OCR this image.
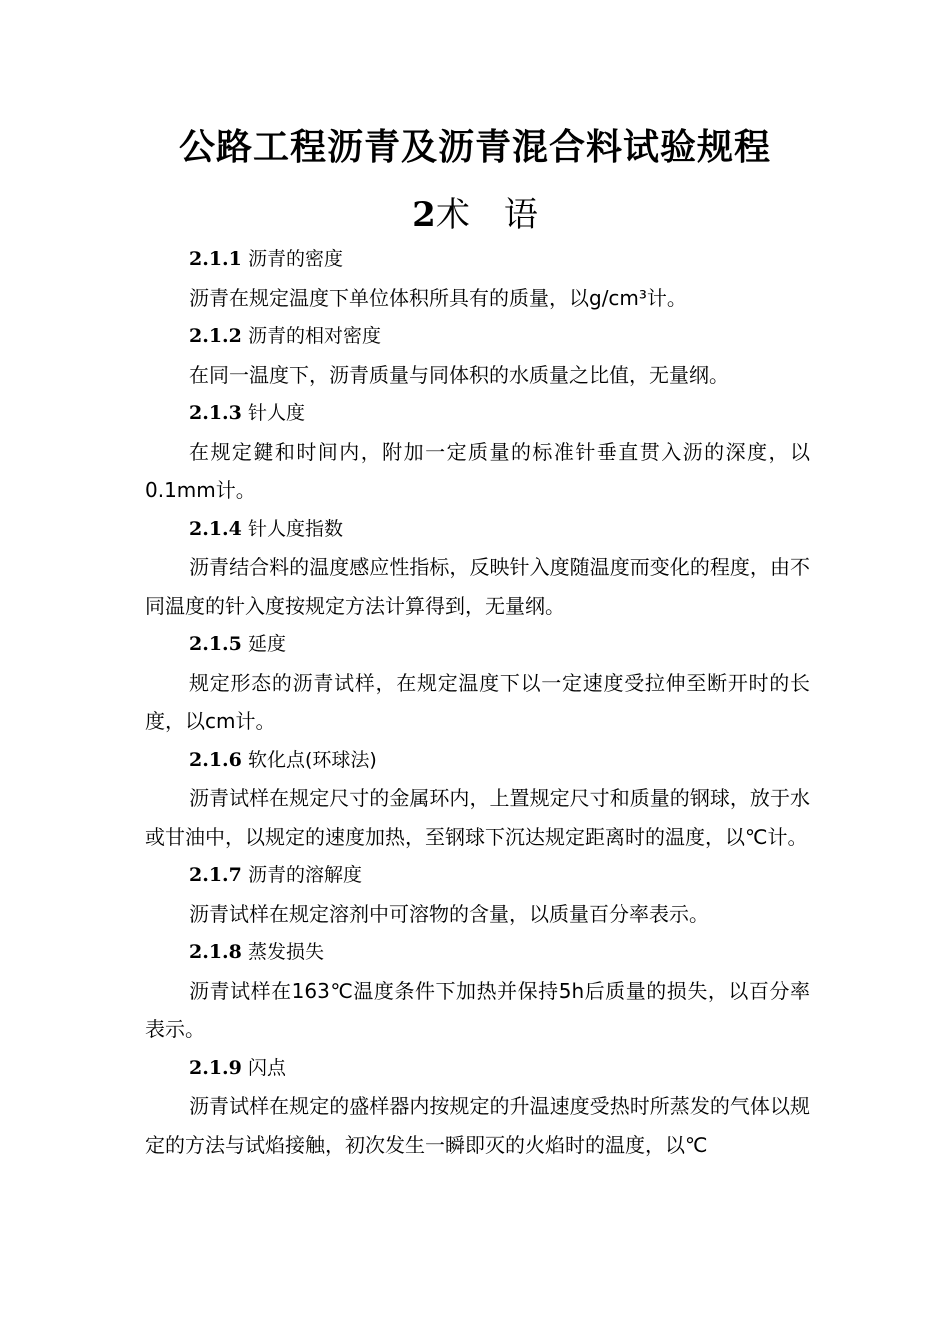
公路工程沥青及沥青混合料试验规程
2术　语

2.1.1 沥青的密度

沥青在规定温度下单位体积所具有的质量，以g/cm³计。

2.1.2 沥青的相对密度

在同一温度下，沥青质量与同体积的水质量之比值，无量纲。

2.1.3 针人度

在规定鍵和时间内，附加一定质量的标准针垂直贯入沥的深度，以0.1mm计。

2.1.4 针人度指数

沥青结合料的温度感应性指标，反映针入度随温度而变化的程度，由不同温度的针入度按规定方法计算得到，无量纲。

2.1.5 延度

规定形态的沥青试样，在规定温度下以一定速度受拉伸至断开时的长度，以cm计。

2.1.6 软化点(环球法)

沥青试样在规定尺寸的金属环内，上置规定尺寸和质量的钢球，放于水或甘油中，以规定的速度加热，至钢球下沉达规定距离时的温度，以℃计。

2.1.7 沥青的溶解度

沥青试样在规定溶剂中可溶物的含量，以质量百分率表示。

2.1.8 蒸发损失

沥青试样在163℃温度条件下加热并保持5h后质量的损失，以百分率表示。

2.1.9 闪点

沥青试样在规定的盛样器内按规定的升温速度受热时所蒸发的气体以规定的方法与试焰接触，初次发生一瞬即灭的火焰时的温度，以℃
